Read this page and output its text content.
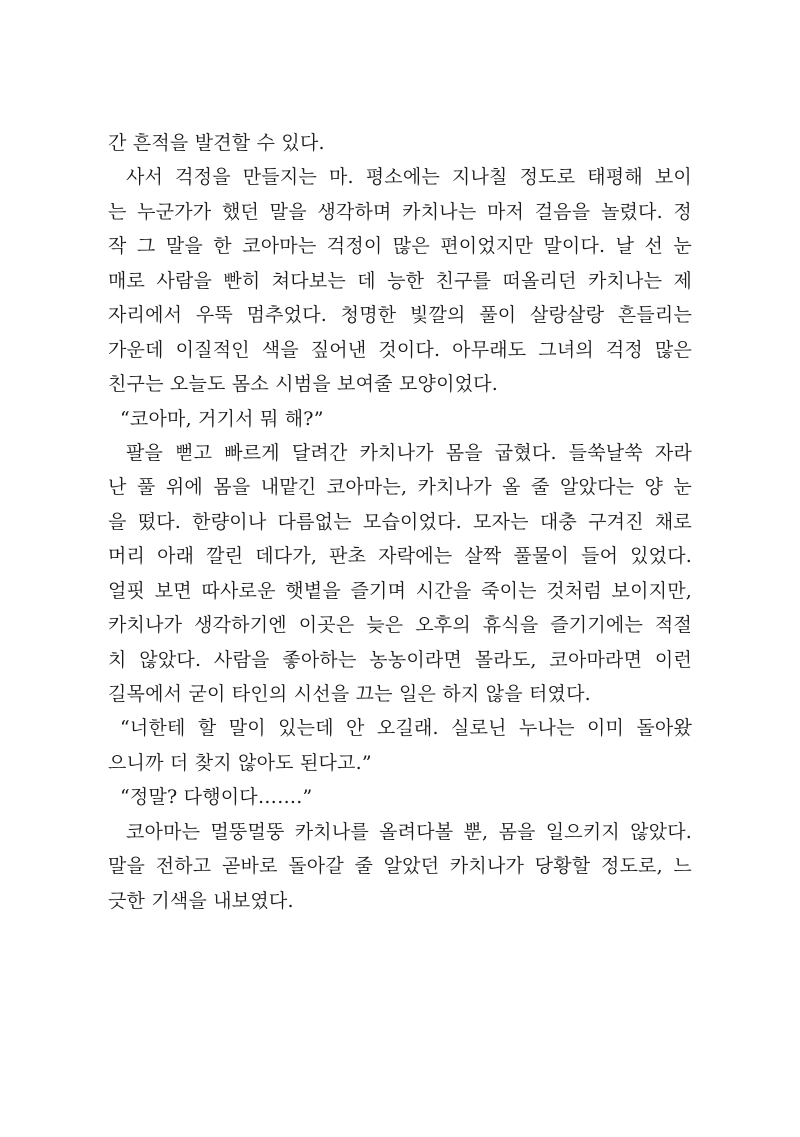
간 흔적을 발견할 수 있다.
사서 걱정을 만들지는 마. 평소에는 지나칠 정도로 태평해 보이
는 누군가가 했던 말을 생각하며 카치나는 마저 걸음을 놀렸다. 정
작 그 말을 한 코아마는 걱정이 많은 편이었지만 말이다. 날 선 눈
매로 사람을 빤히 쳐다보는 데 능한 친구를 떠올리던 카치나는 제
자리에서 우뚝 멈추었다. 청명한 빛깔의 풀이 살랑살랑 흔들리는
가운데 이질적인 색을 짚어낸 것이다. 아무래도 그녀의 걱정 많은
친구는 오늘도 몸소 시범을 보여줄 모양이었다.
“코아마, 거기서 뭐 해?”
팔을 뻗고 빠르게 달려간 카치나가 몸을 굽혔다. 들쑥날쑥 자라
난 풀 위에 몸을 내맡긴 코아마는, 카치나가 올 줄 알았다는 양 눈
을 떴다. 한량이나 다름없는 모습이었다. 모자는 대충 구겨진 채로
머리 아래 깔린 데다가, 판초 자락에는 살짝 풀물이 들어 있었다.
얼핏 보면 따사로운 햇볕을 즐기며 시간을 죽이는 것처럼 보이지만,
카치나가 생각하기엔 이곳은 늦은 오후의 휴식을 즐기기에는 적절
치 않았다. 사람을 좋아하는 농농이라면 몰라도, 코아마라면 이런
길목에서 굳이 타인의 시선을 끄는 일은 하지 않을 터였다.
“너한테 할 말이 있는데 안 오길래. 실로닌 누나는 이미 돌아왔
으니까 더 찾지 않아도 된다고.”
“정말? 다행이다…….”
코아마는 멀뚱멀뚱 카치나를 올려다볼 뿐, 몸을 일으키지 않았다.
말을 전하고 곧바로 돌아갈 줄 알았던 카치나가 당황할 정도로, 느
긋한 기색을 내보였다.
